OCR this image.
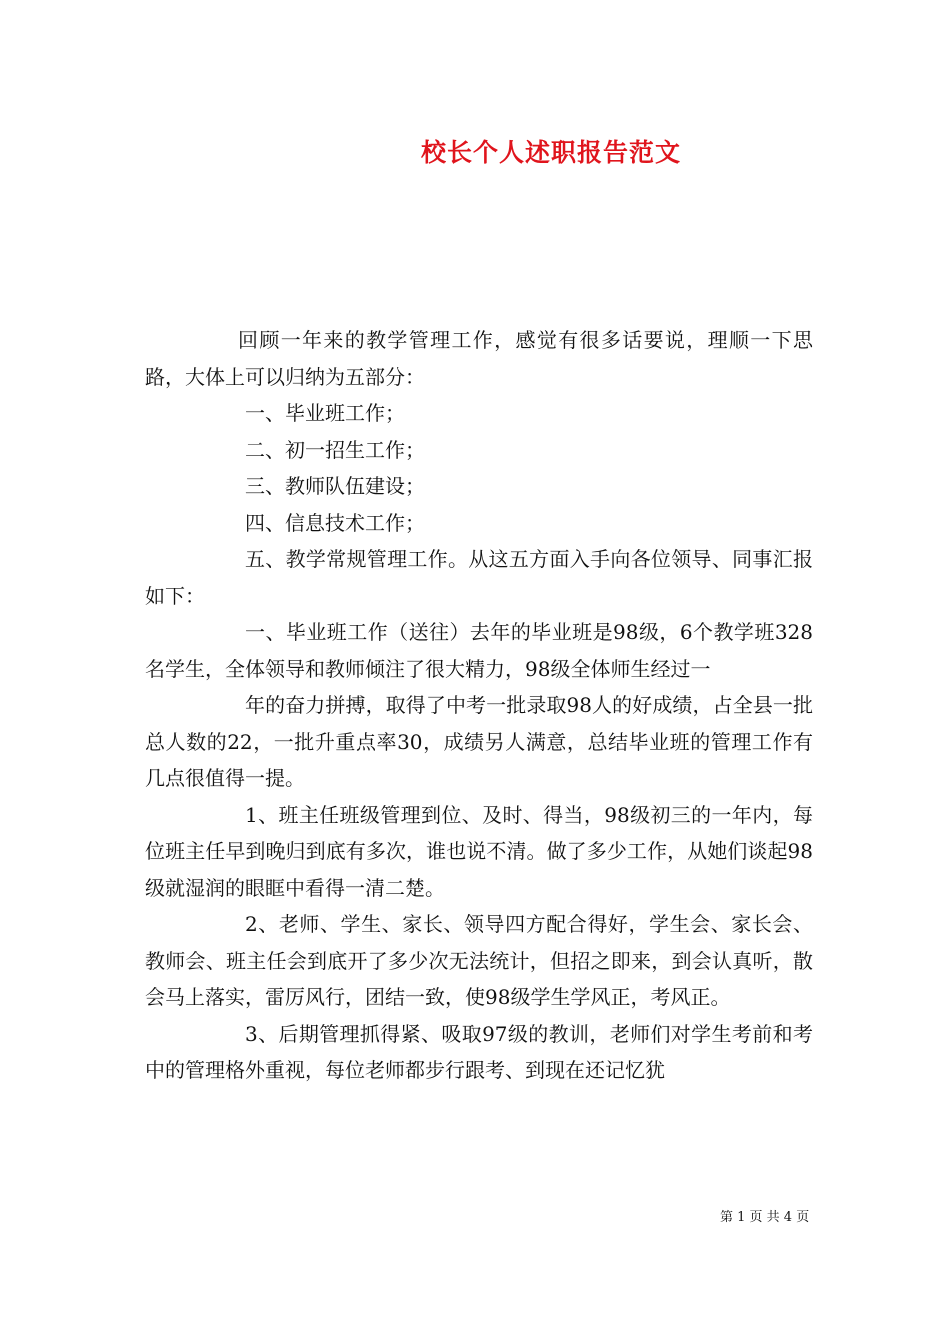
校长个人述职报告范文

回顾一年来的教学管理工作，感觉有很多话要说，理顺一下思路，大体上可以归纳为五部分：

一、毕业班工作；

二、初一招生工作；

三、教师队伍建设；

四、信息技术工作；

五、教学常规管理工作。从这五方面入手向各位领导、同事汇报如下：

一、毕业班工作（送往）去年的毕业班是98级，6个教学班328名学生，全体领导和教师倾注了很大精力，98级全体师生经过一

年的奋力拼搏，取得了中考一批录取98人的好成绩，占全县一批总人数的22，一批升重点率30，成绩另人满意，总结毕业班的管理工作有几点很值得一提。

1、班主任班级管理到位、及时、得当，98级初三的一年内，每位班主任早到晚归到底有多次，谁也说不清。做了多少工作，从她们谈起98级就湿润的眼眶中看得一清二楚。

2、老师、学生、家长、领导四方配合得好，学生会、家长会、教师会、班主任会到底开了多少次无法统计，但招之即来，到会认真听，散会马上落实，雷厉风行，团结一致，使98级学生学风正，考风正。

3、后期管理抓得紧、吸取97级的教训，老师们对学生考前和考中的管理格外重视，每位老师都步行跟考、到现在还记忆犹

第 1 页 共 4 页
